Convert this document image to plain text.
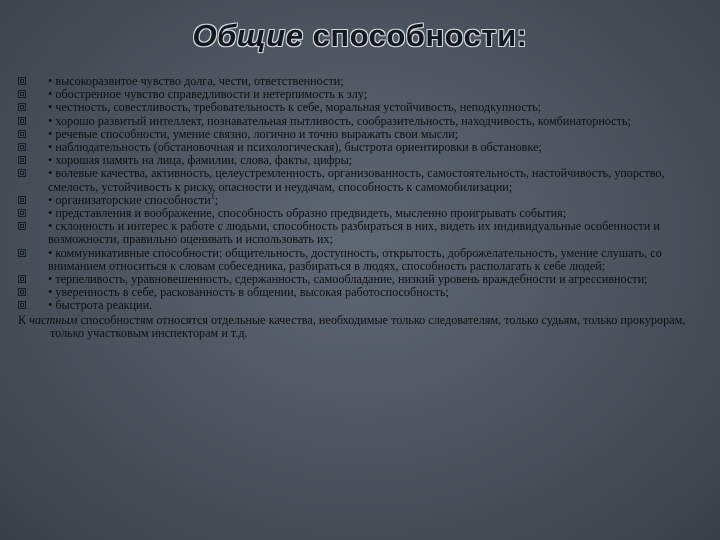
Общие способности:
• высокоразвитое чувство долга, чести, ответственности;
• обостренное чувство справедливости и нетерпимость к злу;
• честность, совестливость, требовательность к себе, моральная устойчивость, неподкупность;
• хорошо развитый интеллект, познавательная пытливость, сообразительность, находчивость, комбинаторность;
• речевые способности, умение связно, логично и точно выражать свои мысли;
• наблюдательность (обстановочная и психологическая), быстрота ориентировки в обстановке;
• хорошая память на лица, фамилии, слова, факты, цифры;
• волевые качества, активность, целеустремленность, организованность, самостоятельность, настойчивость, упорство, смелость, устойчивость к риску, опасности и неудачам, способность к самомобилизации;
• организаторские способности$^1$;
• представления и воображение, способность образно предвидеть, мысленно проигрывать события;
• склонность и интерес к работе с людьми, способность разбираться в них, видеть их индивидуальные особенности и возможности, правильно оценивать и использовать их;
• коммуникативные способности: общительность, доступность, открытость, доброжелательность, умение слушать, со вниманием относиться к словам собеседника, разбираться в людях, способность располагать к себе людей;
• терпеливость, уравновешенность, сдержанность, самообладание, низкий уровень враждебности и агрессивности;
• уверенность в себе, раскованность в общении, высокая работоспособность;
• быстрота реакции.
К частным способностям относятся отдельные качества, необходимые только следователям, только судьям, только прокурорам, только участковым инспекторам и т.д.
